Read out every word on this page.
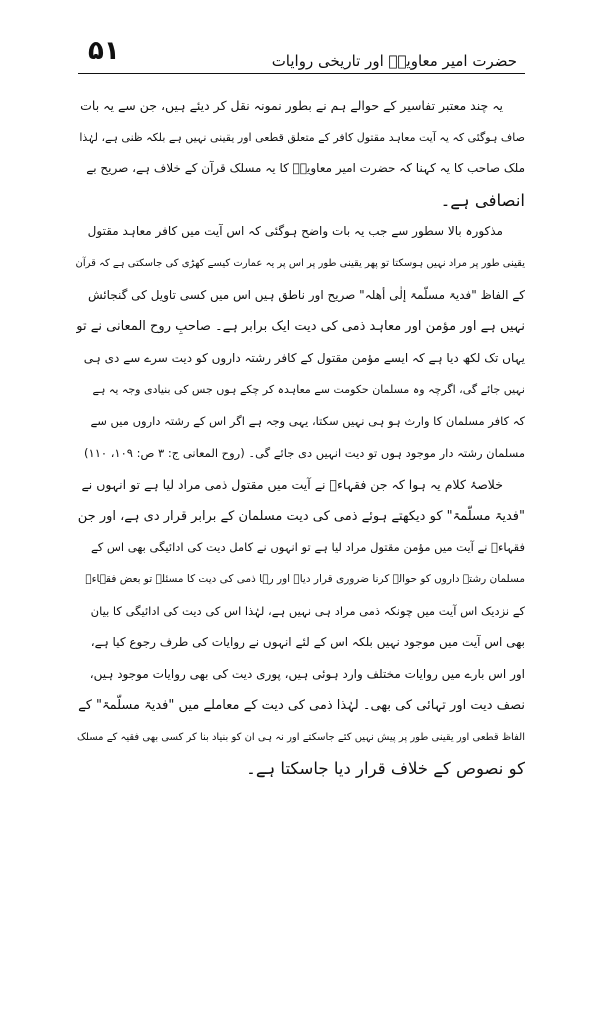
۵۱	حضرت امیر معاویہؓ اور تاریخی روایات
یہ چند معتبر تفاسیر کے حوالے ہم نے بطور نمونہ نقل کر دیئے ہیں، جن سے یہ بات
صاف ہوگئی کہ یہ آیت معاہد مقتول کافر کے متعلق قطعی اور یقینی نہیں ہے بلکہ ظنی ہے، لہٰذا
ملک صاحب کا یہ کہنا کہ حضرت امیر معاویہؓ کا یہ مسلک قرآن کے خلاف ہے، صریح بے
انصافی ہے۔
مذکورہ بالا سطور سے جب یہ بات واضح ہوگئی کہ اس آیت میں کافر معاہد مقتول
یقینی طور پر مراد نہیں ہوسکتا تو پھر یقینی طور پر اس پر یہ عمارت کیسے کھڑی کی جاسکتی ہے کہ قرآن
کے الفاظ "فدیۃ مسلّمۃ إلٰی أھلہ" صریح اور ناطق ہیں اس میں کسی تاویل کی گنجائش
نہیں ہے اور مؤمن اور معاہد ذمی کی دیت ایک برابر ہے۔ صاحبِ روح المعانی نے تو
یہاں تک لکھ دیا ہے کہ ایسے مؤمن مقتول کے کافر رشتہ داروں کو دیت سرے سے دی ہی
نہیں جائے گی، اگرچہ وہ مسلمان حکومت سے معاہدہ کر چکے ہوں جس کی بنیادی وجہ یہ ہے
کہ کافر مسلمان کا وارث ہو ہی نہیں سکتا، یہی وجہ ہے اگر اس کے رشتہ داروں میں سے
مسلمان رشتہ دار موجود ہوں تو دیت انہیں دی جائے گی۔ (روح المعانی ج: ۳ ص: ۱۰۹، ۱۱۰)
خلاصۂ کلام یہ ہوا کہ جن فقہاءؒ نے آیت میں مقتول ذمی مراد لیا ہے تو انہوں نے
"فدیۃ مسلّمۃ" کو دیکھتے ہوئے ذمی کی دیت مسلمان کے برابر قرار دی ہے، اور جن
فقہاءؒ نے آیت میں مؤمن مقتول مراد لیا ہے تو انہوں نے کامل دیت کی ادائیگی بھی اس کے
مسلمان رشتہ داروں کو حوالے کرنا ضروری قرار دیا۔ اور رہا ذمی کی دیت کا مسئلہ تو بعض فقہاءؒ
کے نزدیک اس آیت میں چونکہ ذمی مراد ہی نہیں ہے، لہٰذا اس کی دیت کی ادائیگی کا بیان
بھی اس آیت میں موجود نہیں بلکہ اس کے لئے انہوں نے روایات کی طرف رجوع کیا ہے،
اور اس بارے میں روایات مختلف وارد ہوئی ہیں، پوری دیت کی بھی روایات موجود ہیں،
نصف دیت اور تہائی کی بھی۔ لہٰذا ذمی کی دیت کے معاملے میں "فدیۃ مسلّمۃ" کے
الفاظ قطعی اور یقینی طور پر پیش نہیں کئے جاسکتے اور نہ ہی ان کو بنیاد بنا کر کسی بھی فقیہ کے مسلک
کو نصوص کے خلاف قرار دیا جاسکتا ہے۔
